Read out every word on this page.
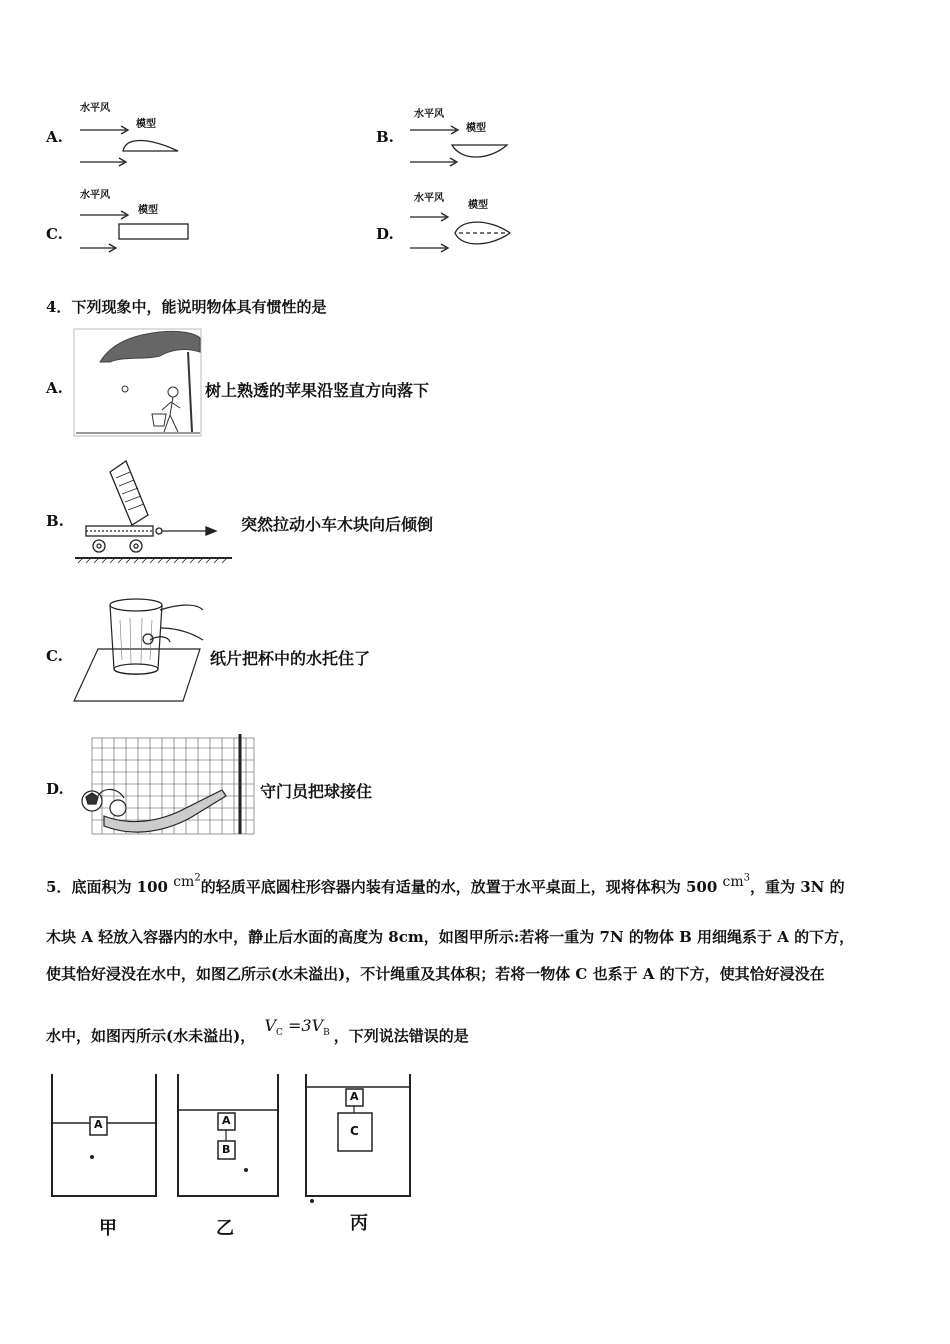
A.
水平风
模型
B.
水平风
模型
C.
水平风
模型
D.
水平风
模型
4．下列现象中，能说明物体具有惯性的是
A.	树上熟透的苹果沿竖直方向落下
B.	突然拉动小车木块向后倾倒
C.	纸片把杯中的水托住了
D.	守门员把球接住
5．底面积为 100 $cm^2$的轻质平底圆柱形容器内装有适量的水，放置于水平桌面上，现将体积为 500 $cm^3$，重为 3N 的
木块 A 轻放入容器内的水中，静止后水面的高度为 8cm，如图甲所示:若将一重为 7N 的物体 B 用细绳系于 A 的下方，
使其恰好浸没在水中，如图乙所示(水未溢出)，不计绳重及其体积；若将一物体 C 也系于 A 的下方，使其恰好浸没在
水中，如图丙所示(水未溢出)， $V_C =3V_B$ ，下列说法错误的是
A	A
B
A
C
甲	乙	丙
